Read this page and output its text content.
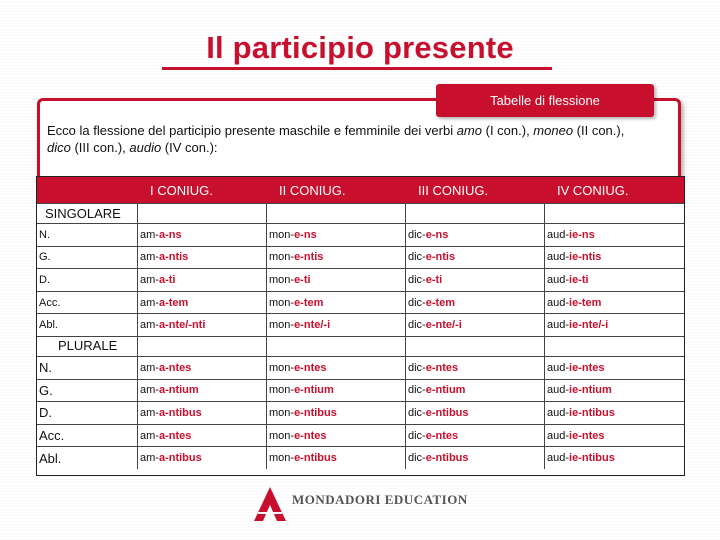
Il participio presente
Ecco la flessione del participio presente maschile e femminile dei verbi amo (I con.), moneo (II con.),
dico (III con.), audio (IV con.):
Tabelle di flessione
I CONIUG.	II CONIUG.	III CONIUG.	IV CONIUG.
SINGOLARE
N.	am- a-ns	mon- e-ns	dic- e-ns	aud- ie-ns
G.	am- a-ntis	mon- e-ntis	dic- e-ntis	aud- ie-ntis
D.	am- a-ti	mon- e-ti	dic- e-ti	aud- ie-ti
Acc.	am- a-tem	mon- e-tem	dic- e-tem	aud- ie-tem
Abl.	am- a-nte/-nti	mon- e-nte/-i	dic- e-nte/-i	aud- ie-nte/-i
PLURALE
N.	am- a-ntes	mon- e-ntes	dic- e-ntes	aud- ie-ntes
G.	am- a-ntium	mon- e-ntium	dic- e-ntium	aud- ie-ntium
D.	am- a-ntibus	mon- e-ntibus	dic- e-ntibus	aud- ie-ntibus
Acc.	am- a-ntes	mon- e-ntes	dic- e-ntes	aud- ie-ntes
Abl.	am- a-ntibus	mon- e-ntibus	dic- e-ntibus	aud- ie-ntibus
MONDADORI EDUCATION
